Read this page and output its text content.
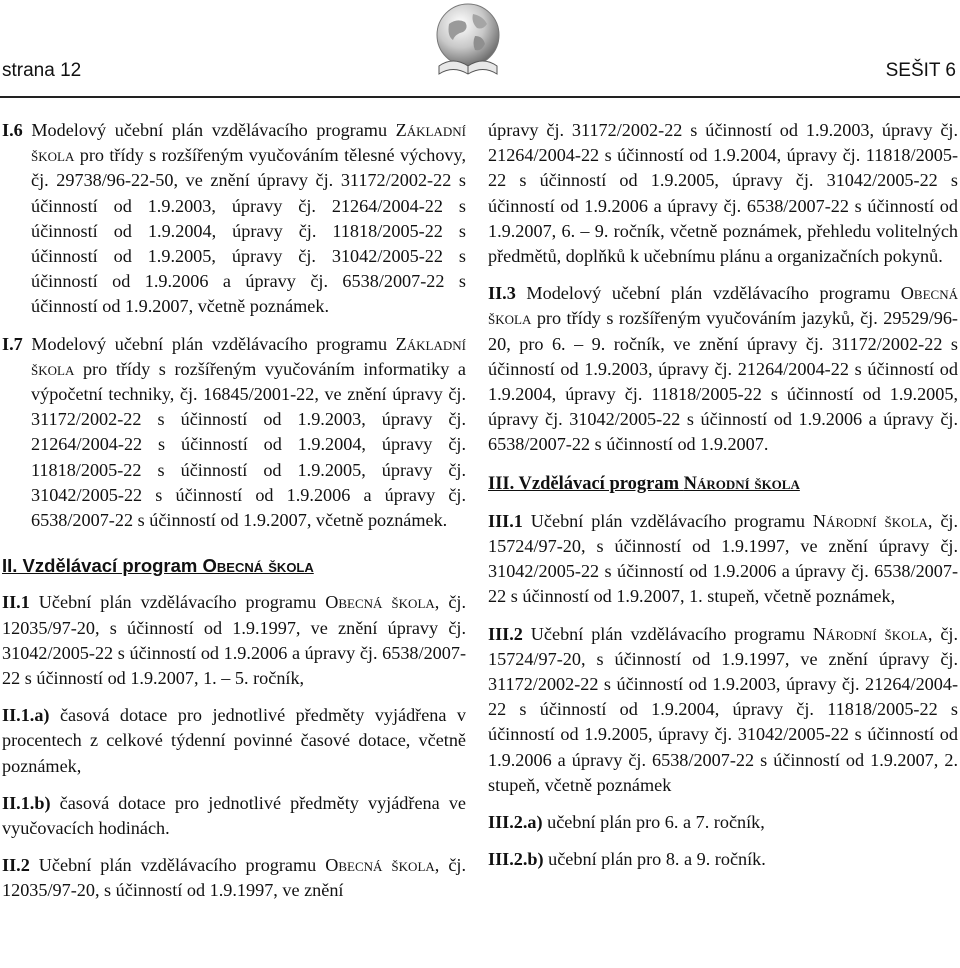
strana 12	SEŠIT 6
I.6 Modelový učební plán vzdělávacího programu Základní škola pro třídy s rozšířeným vyučováním tělesné výchovy, čj. 29738/96-22-50, ve znění úpravy čj. 31172/2002-22 s účinností od 1.9.2003, úpravy čj. 21264/2004-22 s účinností od 1.9.2004, úpravy čj. 11818/2005-22 s účinností od 1.9.2005, úpravy čj. 31042/2005-22 s účinností od 1.9.2006 a úpravy čj. 6538/2007-22 s účinností od 1.9.2007, včetně poznámek.
I.7 Modelový učební plán vzdělávacího programu Základní škola pro třídy s rozšířeným vyučováním informatiky a výpočetní techniky, čj. 16845/2001-22, ve znění úpravy čj. 31172/2002-22 s účinností od 1.9.2003, úpravy čj. 21264/2004-22 s účinností od 1.9.2004, úpravy čj. 11818/2005-22 s účinností od 1.9.2005, úpravy čj. 31042/2005-22 s účinností od 1.9.2006 a úpravy čj. 6538/2007-22 s účinností od 1.9.2007, včetně poznámek.
II. Vzdělávací program Obecná škola
II.1 Učební plán vzdělávacího programu Obecná škola, čj. 12035/97-20, s účinností od 1.9.1997, ve znění úpravy čj. 31042/2005-22 s účinností od 1.9.2006 a úpravy čj. 6538/2007-22 s účinností od 1.9.2007, 1. – 5. ročník,
II.1.a) časová dotace pro jednotlivé předměty vyjádřena v procentech z celkové týdenní povinné časové dotace, včetně poznámek,
II.1.b) časová dotace pro jednotlivé předměty vyjádřena ve vyučovacích hodinách.
II.2 Učební plán vzdělávacího programu Obecná škola, čj. 12035/97-20, s účinností od 1.9.1997, ve znění
úpravy čj. 31172/2002-22 s účinností od 1.9.2003, úpravy čj. 21264/2004-22 s účinností od 1.9.2004, úpravy čj. 11818/2005-22 s účinností od 1.9.2005, úpravy čj. 31042/2005-22 s účinností od 1.9.2006 a úpravy čj. 6538/2007-22 s účinností od 1.9.2007, 6. – 9. ročník, včetně poznámek, přehledu volitelných předmětů, doplňků k učebnímu plánu a organizačních pokynů.
II.3 Modelový učební plán vzdělávacího programu Obecná škola pro třídy s rozšířeným vyučováním jazyků, čj. 29529/96-20, pro 6. – 9. ročník, ve znění úpravy čj. 31172/2002-22 s účinností od 1.9.2003, úpravy čj. 21264/2004-22 s účinností od 1.9.2004, úpravy čj. 11818/2005-22 s účinností od 1.9.2005, úpravy čj. 31042/2005-22 s účinností od 1.9.2006 a úpravy čj. 6538/2007-22 s účinností od 1.9.2007.
III. Vzdělávací program Národní škola
III.1 Učební plán vzdělávacího programu Národní škola, čj. 15724/97-20, s účinností od 1.9.1997, ve znění úpravy čj. 31042/2005-22 s účinností od 1.9.2006 a úpravy čj. 6538/2007-22 s účinností od 1.9.2007, 1. stupeň, včetně poznámek,
III.2 Učební plán vzdělávacího programu Národní škola, čj. 15724/97-20, s účinností od 1.9.1997, ve znění úpravy čj. 31172/2002-22 s účinností od 1.9.2003, úpravy čj. 21264/2004-22 s účinností od 1.9.2004, úpravy čj. 11818/2005-22 s účinností od 1.9.2005, úpravy čj. 31042/2005-22 s účinností od 1.9.2006 a úpravy čj. 6538/2007-22 s účinností od 1.9.2007, 2. stupeň, včetně poznámek
III.2.a) učební plán pro 6. a 7. ročník,
III.2.b) učební plán pro 8. a 9. ročník.
